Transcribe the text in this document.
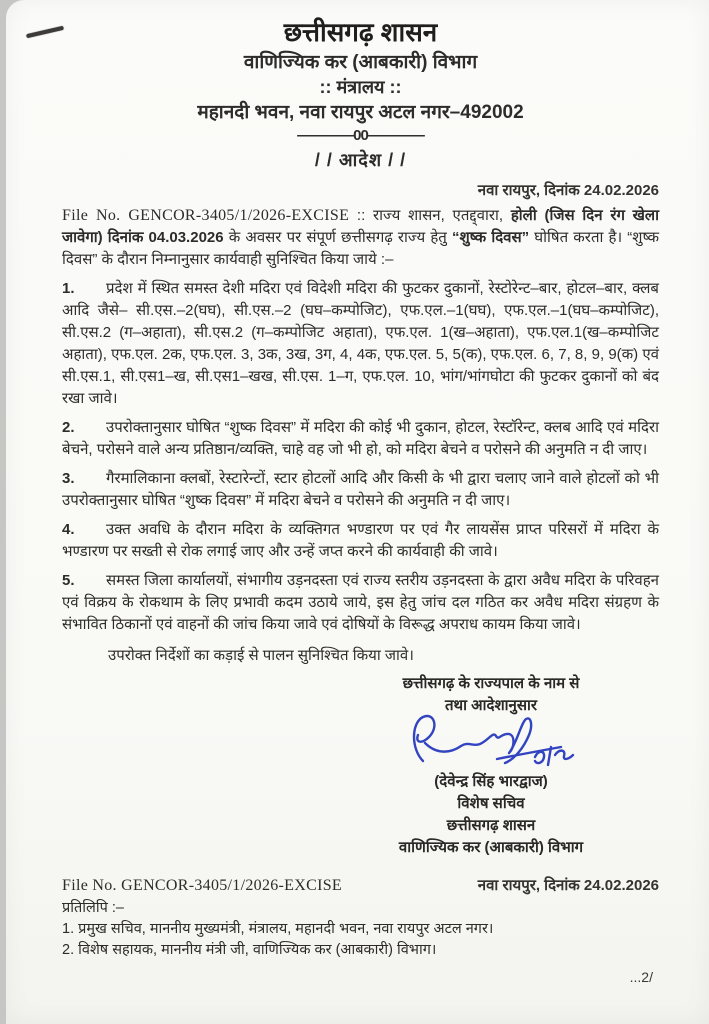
छत्तीसगढ़ शासन
वाणिज्यिक कर (आबकारी) विभाग
:: मंत्रालय ::
महानदी भवन, नवा रायपुर अटल नगर–492002
————00————
/ / आदेश / /
नवा रायपुर, दिनांक 24.02.2026
File No. GENCOR-3405/1/2026-EXCISE :: राज्य शासन, एतद्द्वारा, होली (जिस दिन रंग खेला जावेगा) दिनांक 04.03.2026 के अवसर पर संपूर्ण छत्तीसगढ़ राज्य हेतु “शुष्क दिवस” घोषित करता है। “शुष्क दिवस” के दौरान निम्नानुसार कार्यवाही सुनिश्चित किया जाये :–
1. प्रदेश में स्थित समस्त देशी मदिरा एवं विदेशी मदिरा की फुटकर दुकानों, रेस्टोरेन्ट–बार, होटल–बार, क्लब आदि जैसे– सी.एस.–2(घघ), सी.एस.–2 (घघ–कम्पोजिट), एफ.एल.–1(घघ), एफ.एल.–1(घघ–कम्पोजिट), सी.एस.2 (ग–अहाता), सी.एस.2 (ग–कम्पोजिट अहाता), एफ.एल. 1(ख–अहाता), एफ.एल.1(ख–कम्पोजिट अहाता), एफ.एल. 2क, एफ.एल. 3, 3क, 3ख, 3ग, 4, 4क, एफ.एल. 5, 5(क), एफ.एल. 6, 7, 8, 9, 9(क) एवं सी.एस.1, सी.एस1–ख, सी.एस1–खख, सी.एस. 1–ग, एफ.एल. 10, भांग/भांगघोटा की फुटकर दुकानों को बंद रखा जावे।
2. उपरोक्तानुसार घोषित “शुष्क दिवस” में मदिरा की कोई भी दुकान, होटल, रेस्टॉरेन्ट, क्लब आदि एवं मदिरा बेचने, परोसने वाले अन्य प्रतिष्ठान/व्यक्ति, चाहे वह जो भी हो, को मदिरा बेचने व परोसने की अनुमति न दी जाए।
3. गैरमालिकाना क्लबों, रेस्टारेन्टों, स्टार होटलों आदि और किसी के भी द्वारा चलाए जाने वाले होटलों को भी उपरोक्तानुसार घोषित “शुष्क दिवस” में मदिरा बेचने व परोसने की अनुमति न दी जाए।
4. उक्त अवधि के दौरान मदिरा के व्यक्तिगत भण्डारण पर एवं गैर लायसेंस प्राप्त परिसरों में मदिरा के भण्डारण पर सख्ती से रोक लगाई जाए और उन्हें जप्त करने की कार्यवाही की जावे।
5. समस्त जिला कार्यालयों, संभागीय उड़नदस्ता एवं राज्य स्तरीय उड़नदस्ता के द्वारा अवैध मदिरा के परिवहन एवं विक्रय के रोकथाम के लिए प्रभावी कदम उठाये जाये, इस हेतु जांच दल गठित कर अवैध मदिरा संग्रहण के संभावित ठिकानों एवं वाहनों की जांच किया जावे एवं दोषियों के विरूद्ध अपराध कायम किया जावे।
उपरोक्त निर्देशों का कड़ाई से पालन सुनिश्चित किया जावे।
छत्तीसगढ़ के राज्यपाल के नाम से
तथा आदेशानुसार
(देवेन्द्र सिंह भारद्वाज)
विशेष सचिव
छत्तीसगढ़ शासन
वाणिज्यिक कर (आबकारी) विभाग
File No. GENCOR-3405/1/2026-EXCISE	नवा रायपुर, दिनांक 24.02.2026
प्रतिलिपि :–
1. प्रमुख सचिव, माननीय मुख्यमंत्री, मंत्रालय, महानदी भवन, नवा रायपुर अटल नगर।
2. विशेष सहायक, माननीय मंत्री जी, वाणिज्यिक कर (आबकारी) विभाग।
...2/
